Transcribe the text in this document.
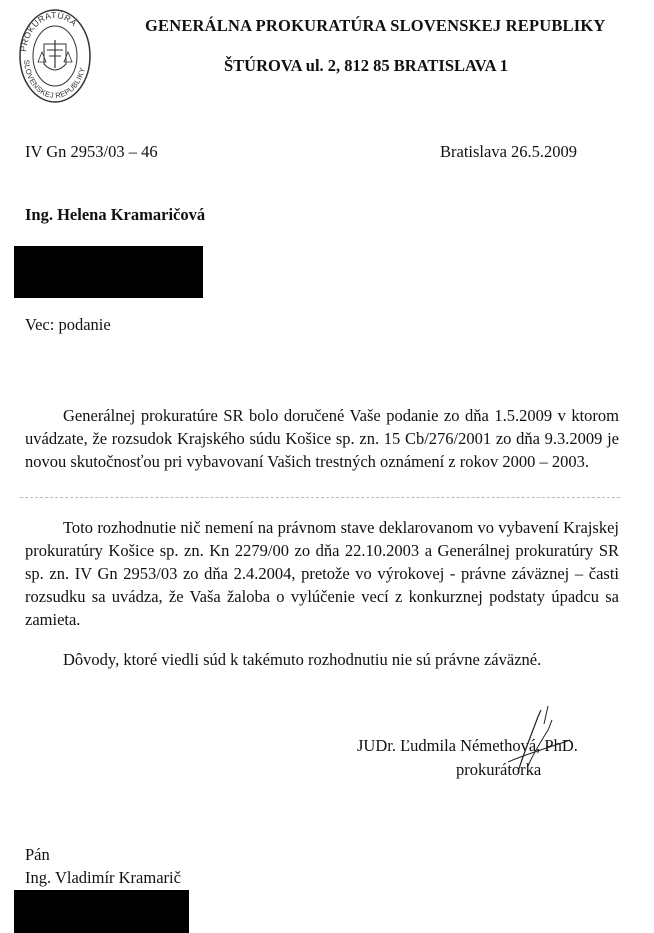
PROKURATÚRA
SLOVENSKEJ REPUBLIKY
GENERÁLNA PROKURATÚRA SLOVENSKEJ REPUBLIKY
ŠTÚROVA ul. 2, 812 85 BRATISLAVA 1
IV Gn 2953/03 – 46	Bratislava 26.5.2009
Ing. Helena Kramaričová
Vec: podanie
Generálnej prokuratúre SR bolo doručené Vaše podanie zo dňa 1.5.2009 v ktorom uvádzate, že rozsudok Krajského súdu Košice sp. zn. 15 Cb/276/2001 zo dňa 9.3.2009 je novou skutočnosťou pri vybavovaní Vašich trestných oznámení z rokov 2000 – 2003.
Toto rozhodnutie nič nemení na právnom stave deklarovanom vo vybavení Krajskej prokuratúry Košice sp. zn. Kn 2279/00 zo dňa 22.10.2003 a Generálnej prokuratúry SR sp. zn. IV Gn 2953/03 zo dňa 2.4.2004, pretože vo výrokovej - právne záväznej – časti rozsudku sa uvádza, že Vaša žaloba o vylúčenie vecí z konkurznej podstaty úpadcu sa zamieta.
Dôvody, ktoré viedli súd k takémuto rozhodnutiu nie sú právne záväzné.
JUDr. Ľudmila Némethová, PhD.
prokurátorka
Pán
Ing. Vladimír Kramarič
